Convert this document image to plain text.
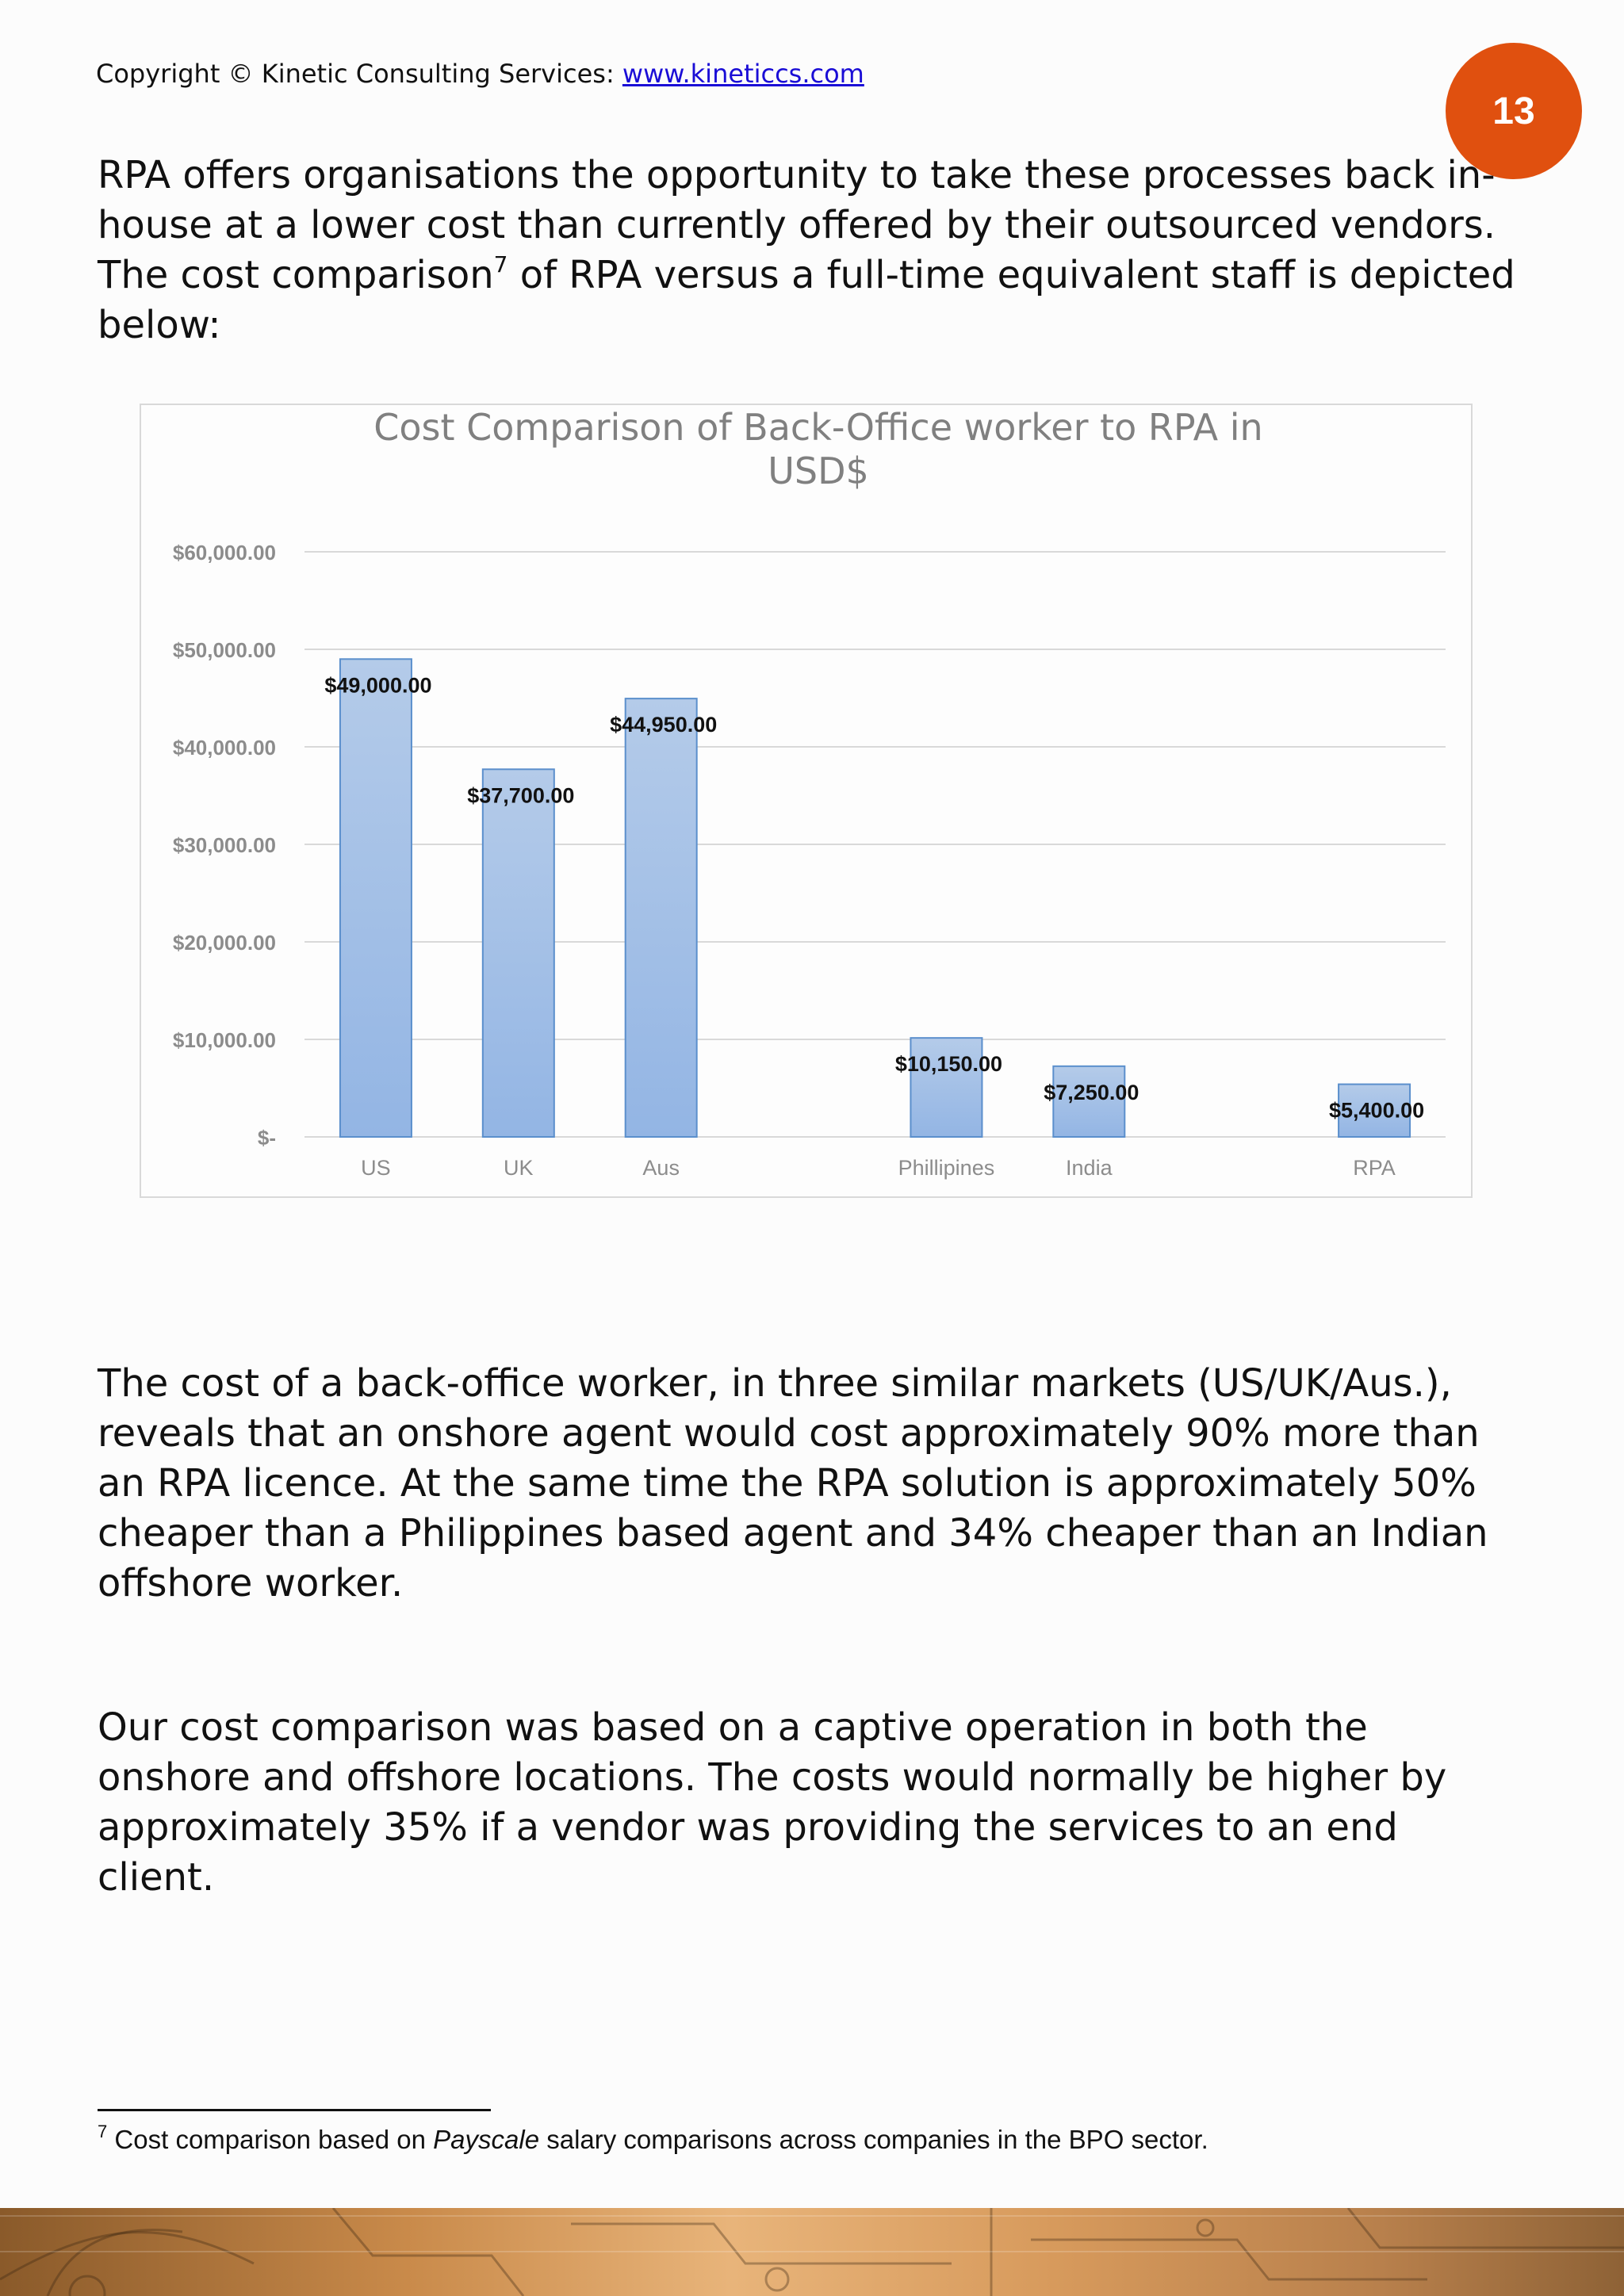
Copyright © Kinetic Consulting Services: www.kineticcs.com
13

RPA offers organisations the opportunity to take these processes back in-house at a lower cost than currently offered by their outsourced vendors. The cost comparison$^7$ of RPA versus a full-time equivalent staff is depicted below:

Cost Comparison of Back-Office worker to RPA in
USD$
$-
$10,000.00
$20,000.00
$30,000.00
$40,000.00
$50,000.00
$60,000.00
$49,000.00
$37,700.00
$44,950.00
$10,150.00
$7,250.00
$5,400.00
US	UK	Aus	Phillipines	India	RPA

The cost of a back-office worker, in three similar markets (US/UK/Aus.), reveals that an onshore agent would cost approximately 90% more than an RPA licence. At the same time the RPA solution is approximately 50% cheaper than a Philippines based agent and 34% cheaper than an Indian offshore worker.

Our cost comparison was based on a captive operation in both the onshore and offshore locations. The costs would normally be higher by approximately 35% if a vendor was providing the services to an end client.

$^7$ Cost comparison based on Payscale salary comparisons across companies in the BPO sector.
